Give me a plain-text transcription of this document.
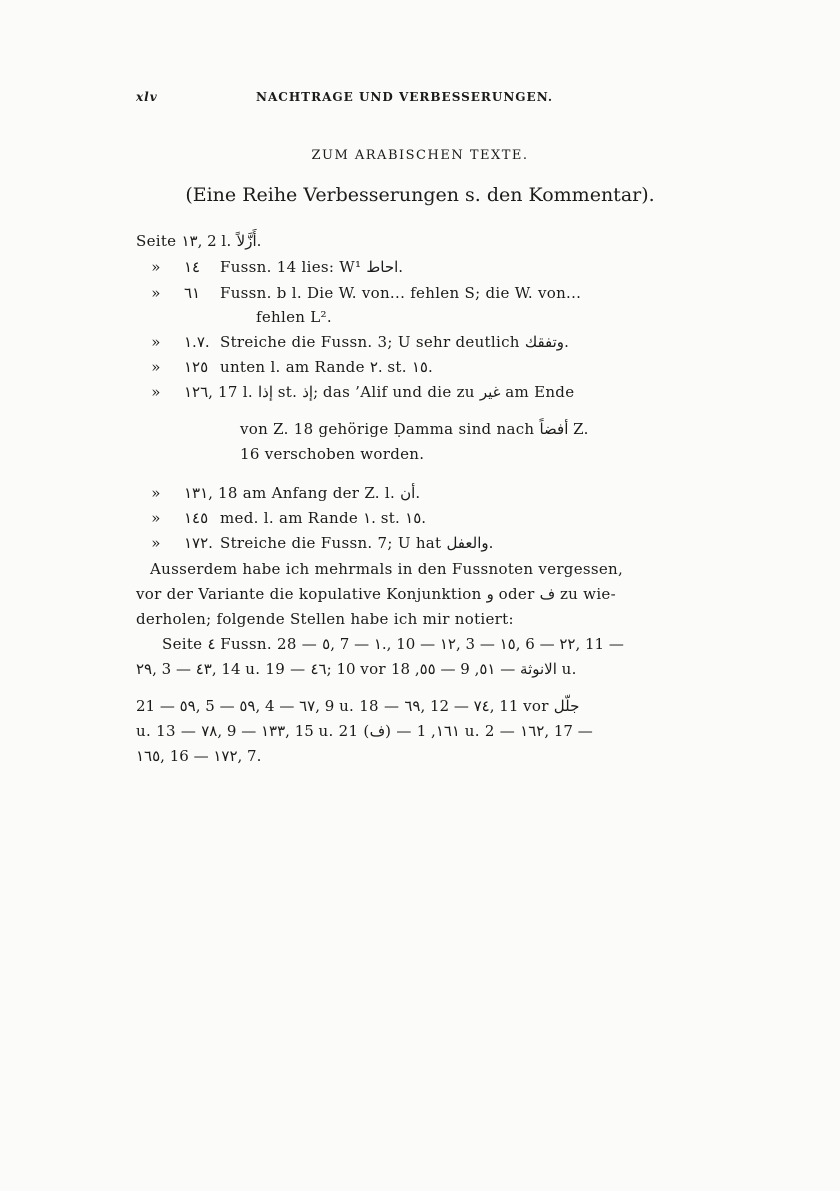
xlv	NACHTRAGE UND VERBESSERUNGEN.
ZUM ARABISCHEN TEXTE.
(Eine Reihe Verbesserungen s. den Kommentar).
Seite ١٣, 2 l. أَزَّلاً.
» ١٤ Fussn. 14 lies: W¹ احاط.
» ٦١ Fussn. b l. Die W. von... fehlen S; die W. von...
fehlen L².
» ١.٧. Streiche die Fussn. 3; U sehr deutlich وتفقك.
» ١٢٥ unten l. am Rande ٢. st. ١٥.
» ١٢٦, 17 l. إذا st. إذ; das ’Alif und die zu غير am Ende
von Z. 18 gehörige Ḍamma sind nach أفضاً Z.
16 verschoben worden.
» ١٣١, 18 am Anfang der Z. l. أن.
» ١٤٥ med. l. am Rande ١. st. ١٥.
» ١٧٢. Streiche die Fussn. 7; U hat والعفل.
Ausserdem habe ich mehrmals in den Fussnoten vergessen,
vor der Variante die kopulative Konjunktion و oder ف zu wie-
derholen; folgende Stellen habe ich mir notiert:
Seite ٤ Fussn. 28 — ٥, 7 — ١., 10 — ١٢, 3 — ١٥, 6 — ٢٢, 11 —
٢٩, 3 — ٤٣, 14 u. 19 — ٤٦; 10 vor الانوثة — ٥١, 9 — ٥٥, 18 u.
21 — ٥٩, 5 — ٥٩, 4 — ٦٧, 9 u. 18 — ٦٩, 12 — ٧٤, 11 vor جلّل
u. 13 — ٧٨, 9 — ١٣٣, 15 u. 21 (ف) — ١٦١, 1 u. 2 — ١٦٢, 17 —
١٦٥, 16 — ١٧٢, 7.
